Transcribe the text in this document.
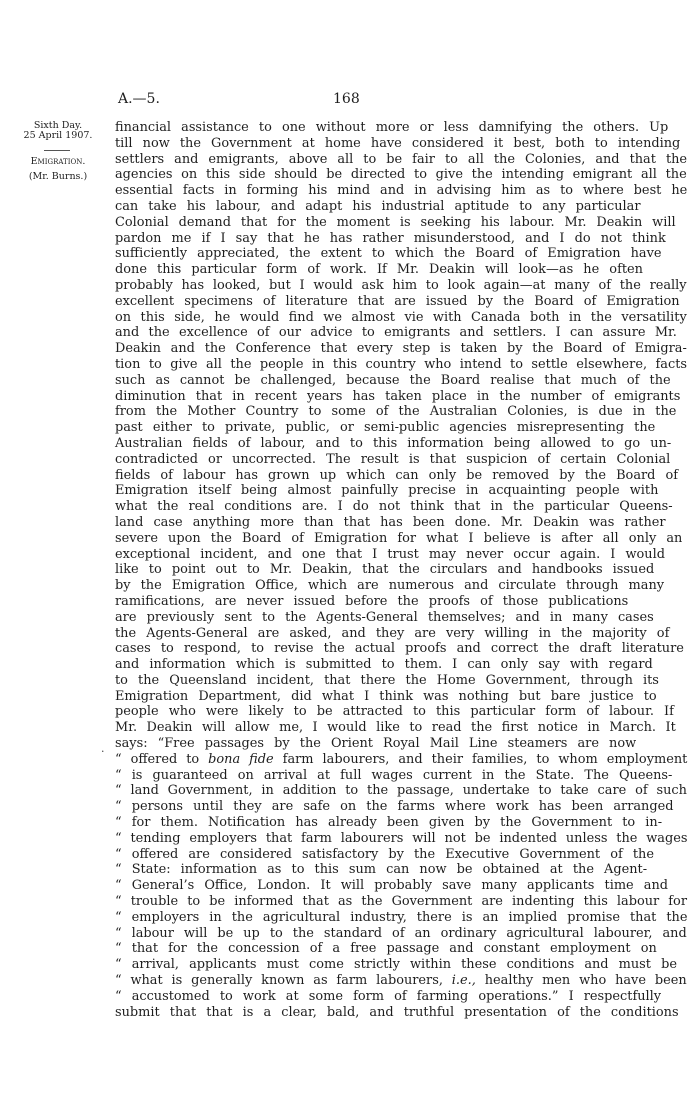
A.—5.	168
Sixth Day.
25 April 1907.
Emigration.
(Mr. Burns.)
·
financial assistance to one without more or less damnifying the others. Up
till now the Government at home have considered it best, both to intending
settlers and emigrants, above all to be fair to all the Colonies, and that the
agencies on this side should be directed to give the intending emigrant all the
essential facts in forming his mind and in advising him as to where best he
can take his labour, and adapt his industrial aptitude to any particular
Colonial demand that for the moment is seeking his labour. Mr. Deakin will
pardon me if I say that he has rather misunderstood, and I do not think
sufficiently appreciated, the extent to which the Board of Emigration have
done this particular form of work. If Mr. Deakin will look—as he often
probably has looked, but I would ask him to look again—at many of the really
excellent specimens of literature that are issued by the Board of Emigration
on this side, he would find we almost vie with Canada both in the versatility
and the excellence of our advice to emigrants and settlers. I can assure Mr.
Deakin and the Conference that every step is taken by the Board of Emigra-
tion to give all the people in this country who intend to settle elsewhere, facts
such as cannot be challenged, because the Board realise that much of the
diminution that in recent years has taken place in the number of emigrants
from the Mother Country to some of the Australian Colonies, is due in the
past either to private, public, or semi-public agencies misrepresenting the
Australian fields of labour, and to this information being allowed to go un-
contradicted or uncorrected. The result is that suspicion of certain Colonial
fields of labour has grown up which can only be removed by the Board of
Emigration itself being almost painfully precise in acquainting people with
what the real conditions are. I do not think that in the particular Queens-
land case anything more than that has been done. Mr. Deakin was rather
severe upon the Board of Emigration for what I believe is after all only an
exceptional incident, and one that I trust may never occur again. I would
like to point out to Mr. Deakin, that the circulars and handbooks issued
by the Emigration Office, which are numerous and circulate through many
ramifications, are never issued before the proofs of those publications
are previously sent to the Agents-General themselves; and in many cases
the Agents-General are asked, and they are very willing in the majority of
cases to respond, to revise the actual proofs and correct the draft literature
and information which is submitted to them. I can only say with regard
to the Queensland incident, that there the Home Government, through its
Emigration Department, did what I think was nothing but bare justice to
people who were likely to be attracted to this particular form of labour. If
Mr. Deakin will allow me, I would like to read the first notice in March. It
says: “Free passages by the Orient Royal Mail Line steamers are now
“ offered to bona fide farm labourers, and their families, to whom employment
“ is guaranteed on arrival at full wages current in the State. The Queens-
“ land Government, in addition to the passage, undertake to take care of such
“ persons until they are safe on the farms where work has been arranged
“ for them. Notification has already been given by the Government to in-
“ tending employers that farm labourers will not be indented unless the wages
“ offered are considered satisfactory by the Executive Government of the
“ State: information as to this sum can now be obtained at the Agent-
“ General’s Office, London. It will probably save many applicants time and
“ trouble to be informed that as the Government are indenting this labour for
“ employers in the agricultural industry, there is an implied promise that the
“ labour will be up to the standard of an ordinary agricultural labourer, and
“ that for the concession of a free passage and constant employment on
“ arrival, applicants must come strictly within these conditions and must be
“ what is generally known as farm labourers, i.e., healthy men who have been
“ accustomed to work at some form of farming operations.” I respectfully
submit that that is a clear, bald, and truthful presentation of the conditions
